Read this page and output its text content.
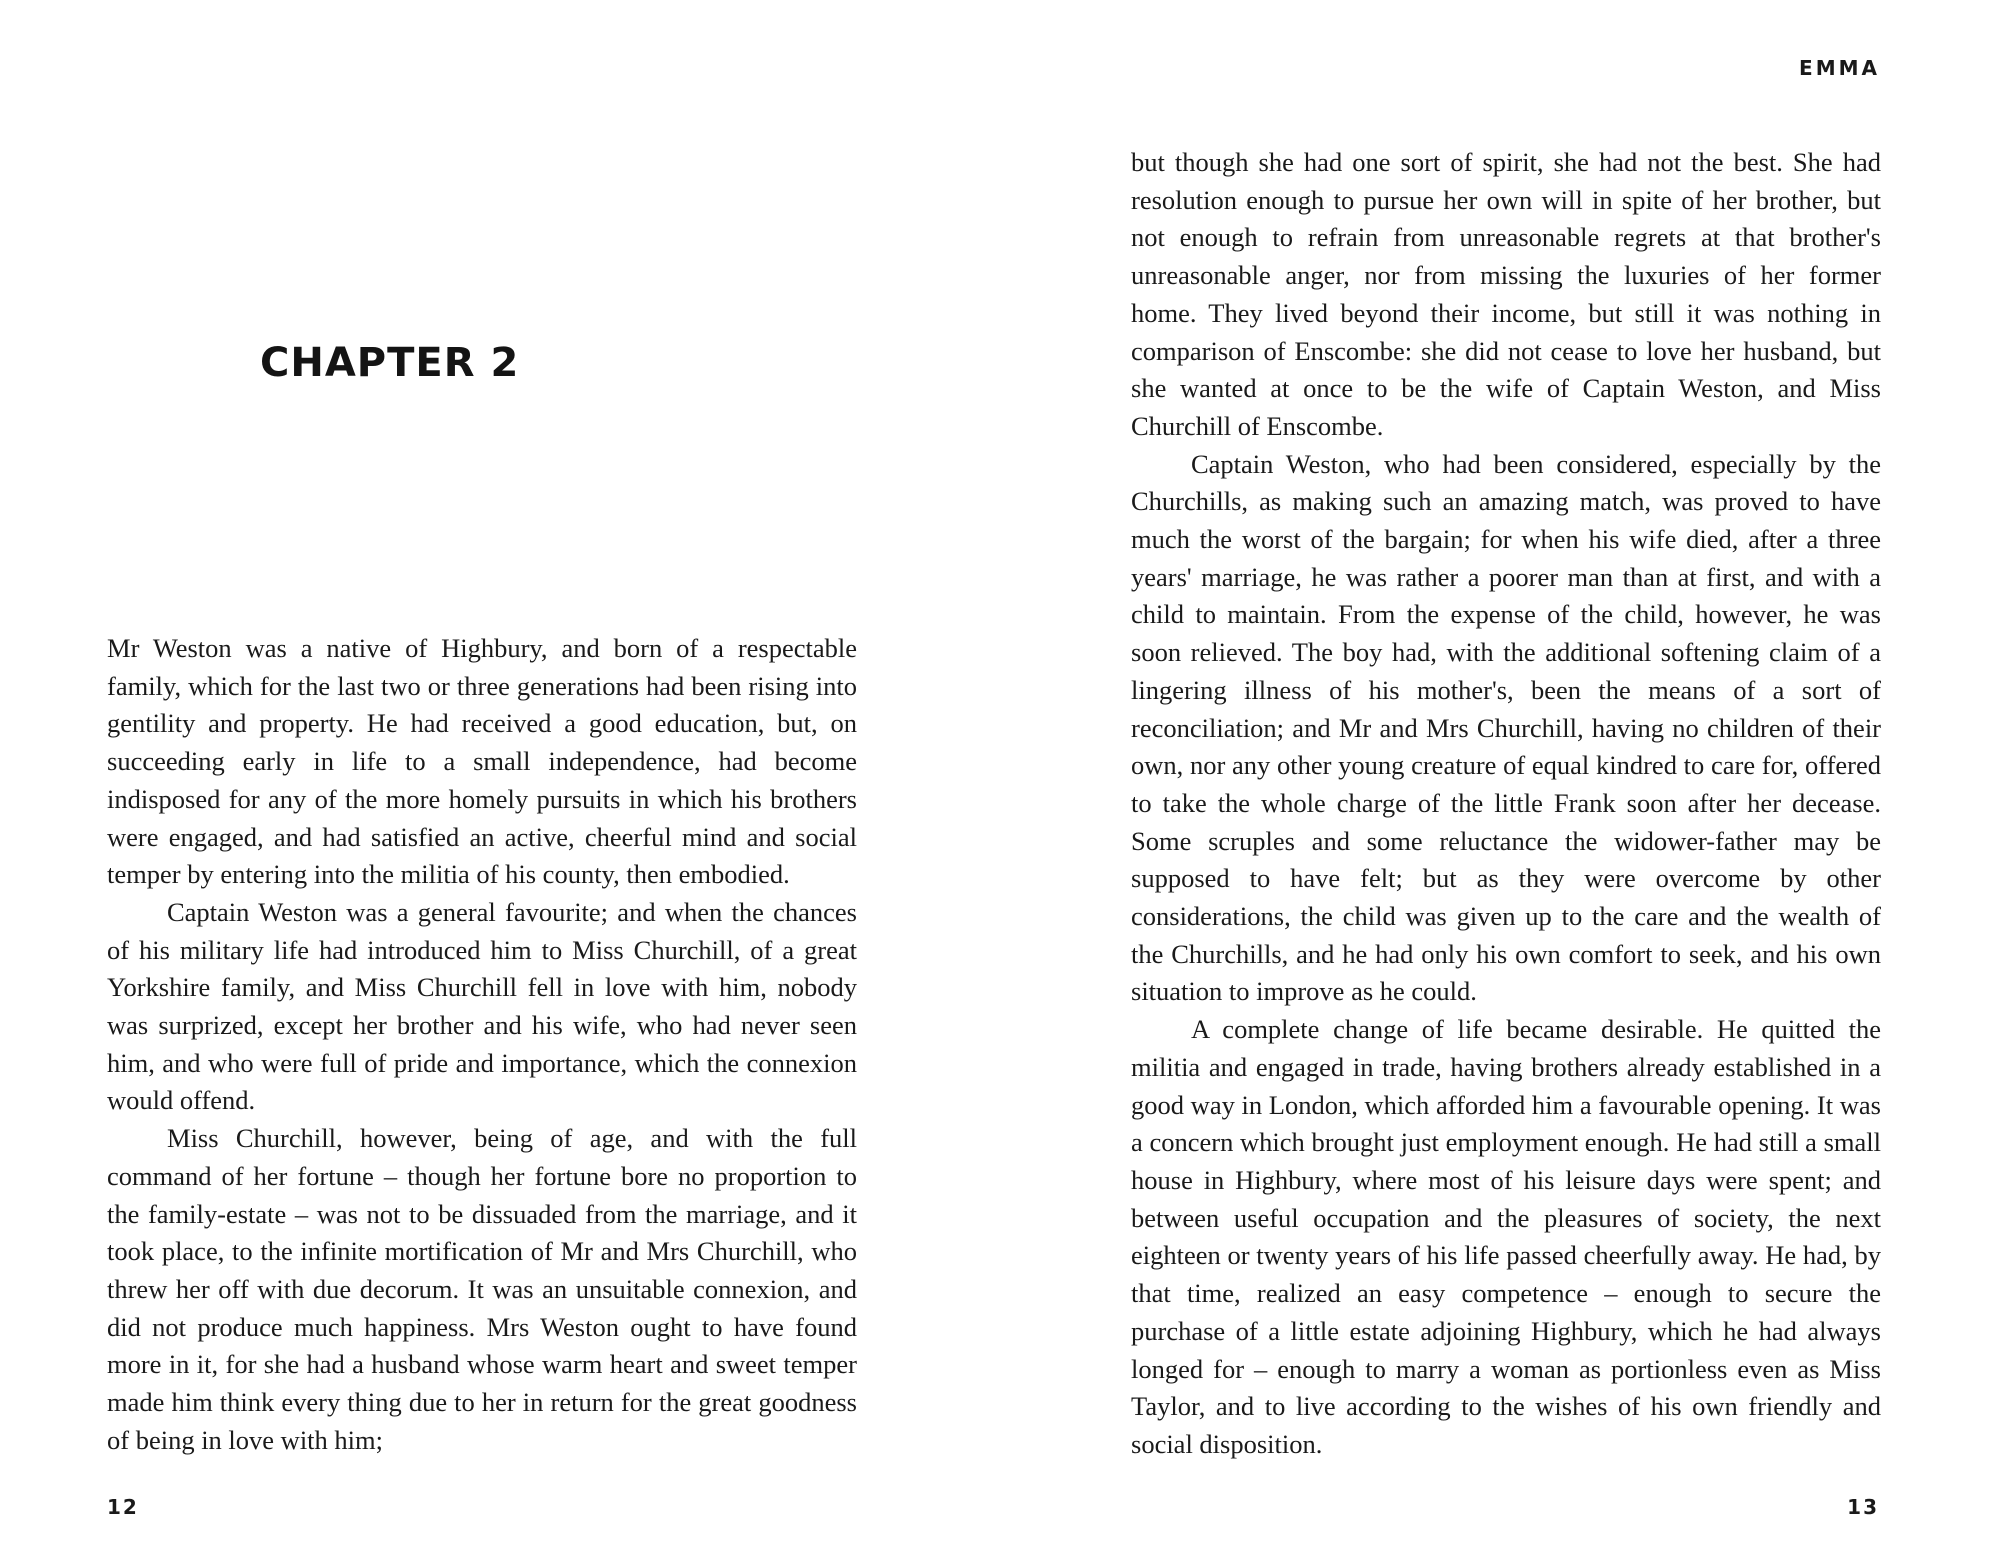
CHAPTER 2

Mr Weston was a native of Highbury, and born of a respectable family, which for the last two or three generations had been rising into gentility and property. He had received a good education, but, on succeeding early in life to a small independence, had become indisposed for any of the more homely pursuits in which his brothers were engaged, and had satisfied an active, cheerful mind and social temper by entering into the militia of his county, then embodied.

Captain Weston was a general favourite; and when the chances of his military life had introduced him to Miss Churchill, of a great Yorkshire family, and Miss Churchill fell in love with him, nobody was surprized, except her brother and his wife, who had never seen him, and who were full of pride and importance, which the connexion would offend.

Miss Churchill, however, being of age, and with the full command of her fortune – though her fortune bore no proportion to the family-estate – was not to be dissuaded from the marriage, and it took place, to the infinite mortification of Mr and Mrs Churchill, who threw her off with due decorum. It was an unsuitable connexion, and did not produce much happiness. Mrs Weston ought to have found more in it, for she had a husband whose warm heart and sweet temper made him think every thing due to her in return for the great goodness of being in love with him;

12
EMMA

but though she had one sort of spirit, she had not the best. She had resolution enough to pursue her own will in spite of her brother, but not enough to refrain from unreasonable regrets at that brother's unreasonable anger, nor from missing the luxuries of her former home. They lived beyond their income, but still it was nothing in comparison of Enscombe: she did not cease to love her husband, but she wanted at once to be the wife of Captain Weston, and Miss Churchill of Enscombe.

Captain Weston, who had been considered, especially by the Churchills, as making such an amazing match, was proved to have much the worst of the bargain; for when his wife died, after a three years' marriage, he was rather a poorer man than at first, and with a child to maintain. From the expense of the child, however, he was soon relieved. The boy had, with the additional softening claim of a lingering illness of his mother's, been the means of a sort of reconciliation; and Mr and Mrs Churchill, having no children of their own, nor any other young creature of equal kindred to care for, offered to take the whole charge of the little Frank soon after her decease. Some scruples and some reluctance the widower-father may be supposed to have felt; but as they were overcome by other considerations, the child was given up to the care and the wealth of the Churchills, and he had only his own comfort to seek, and his own situation to improve as he could.

A complete change of life became desirable. He quitted the militia and engaged in trade, having brothers already established in a good way in London, which afforded him a favourable opening. It was a concern which brought just employment enough. He had still a small house in Highbury, where most of his leisure days were spent; and between useful occupation and the pleasures of society, the next eighteen or twenty years of his life passed cheerfully away. He had, by that time, realized an easy competence – enough to secure the purchase of a little estate adjoining Highbury, which he had always longed for – enough to marry a woman as portionless even as Miss Taylor, and to live according to the wishes of his own friendly and social disposition.

13
